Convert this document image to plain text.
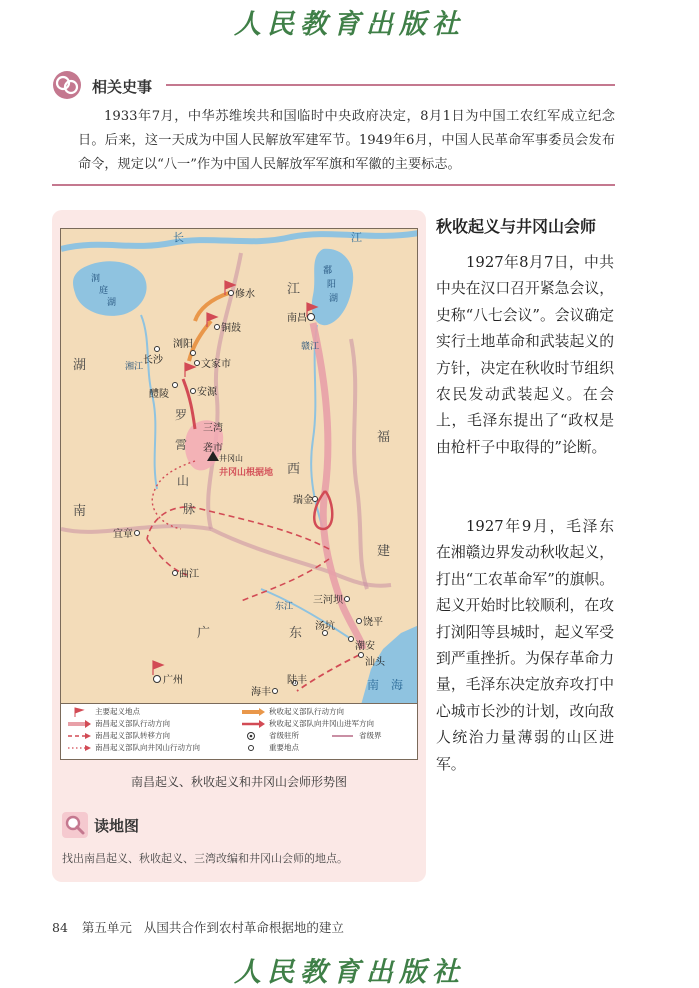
人民教育出版社
相关史事

1933年7月，中华苏维埃共和国临时中央政府决定，8月1日为中国工农红军成立纪念日。后来，这一天成为中国人民解放军建军节。1949年6月，中国人民革命军事委员会发布命令，规定以“八一”作为中国人民解放军军旗和军徽的主要标志。

长	江
洞
庭
湖
鄱
阳
湖
湘江
赣江
东江
南 海
湖
南
江
西
福
建
广	东
罗
霄
山
脉
修水
铜鼓
浏阳
长沙	文家市
醴陵	安源
三湾
砻市
井冈山
井冈山根据地
南昌
瑞金
宜章
曲江
三河坝
饶平
潮安
汕头
汤坑
广州
海丰
陆丰
主要起义地点
南昌起义部队行动方向
南昌起义部队转移方向
南昌起义部队向井冈山行动方向
秋收起义部队行动方向
秋收起义部队向井冈山进军方向
省级驻所
重要地点
省级界
南昌起义、秋收起义和井冈山会师形势图
读地图
找出南昌起义、秋收起义、三湾改编和井冈山会师的地点。
秋收起义与井冈山会师

1927年8月7日，中共中央在汉口召开紧急会议，史称“八七会议”。会议确定实行土地革命和武装起义的方针，决定在秋收时节组织农民发动武装起义。在会上，毛泽东提出了“政权是由枪杆子中取得的”论断。

1927年9月，毛泽东在湘赣边界发动秋收起义，打出“工农革命军”的旗帜。起义开始时比较顺利，在攻打浏阳等县城时，起义军受到严重挫折。为保存革命力量，毛泽东决定放弃攻打中心城市长沙的计划，改向敌人统治力量薄弱的山区进军。

84 第五单元 从国共合作到农村革命根据地的建立
人民教育出版社
